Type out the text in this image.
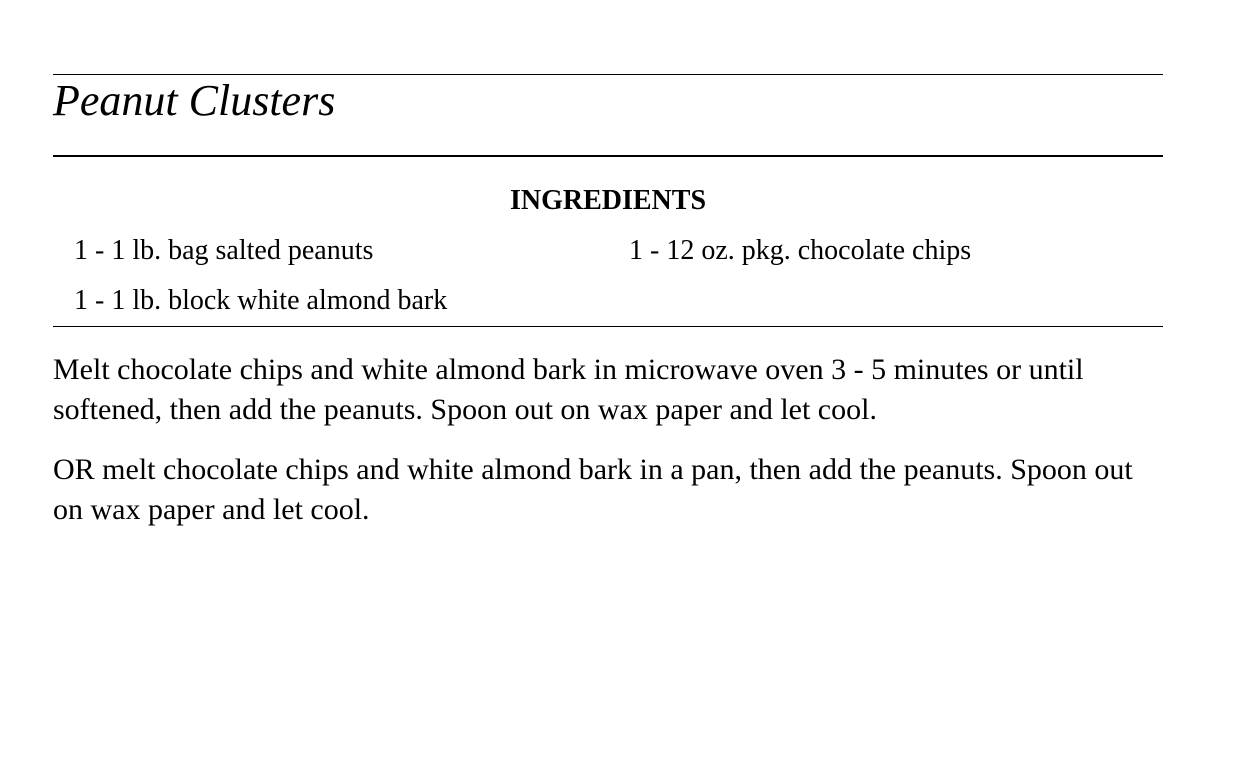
Peanut Clusters
INGREDIENTS
1 - 1 lb. bag salted peanuts	1 - 12 oz. pkg. chocolate chips
1 - 1 lb. block white almond bark

Melt chocolate chips and white almond bark in microwave oven 3 - 5 minutes or until softened, then add the peanuts. Spoon out on wax paper and let cool.

OR melt chocolate chips and white almond bark in a pan, then add the peanuts. Spoon out on wax paper and let cool.
